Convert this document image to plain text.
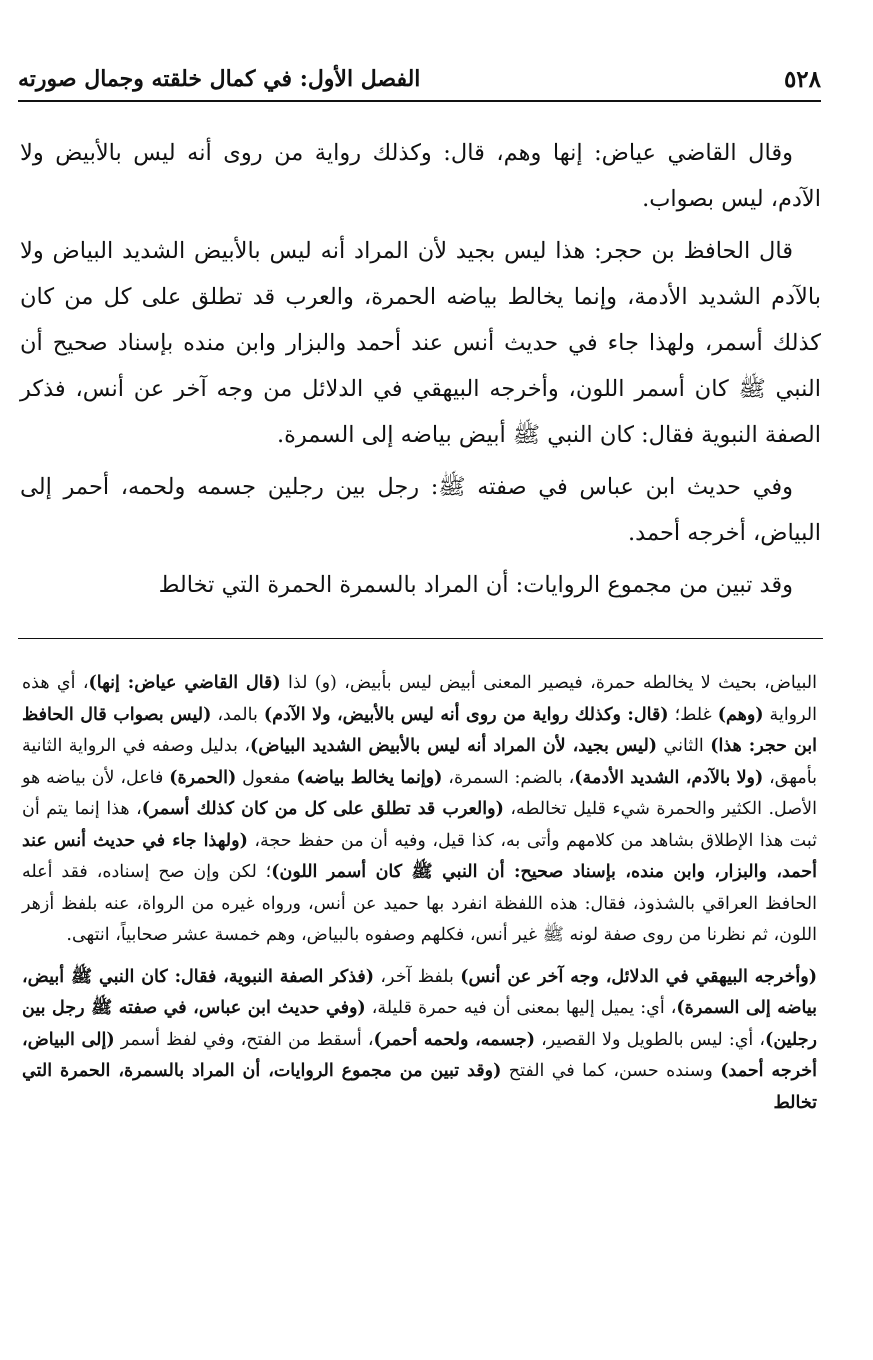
٥٢٨
الفصل الأول: في كمال خلقته وجمال صورته

وقال القاضي عياض: إنها وهم، قال: وكذلك رواية من روى أنه ليس بالأبيض ولا الآدم، ليس بصواب.

قال الحافظ بن حجر: هذا ليس بجيد لأن المراد أنه ليس بالأبيض الشديد البياض ولا بالآدم الشديد الأدمة، وإنما يخالط بياضه الحمرة، والعرب قد تطلق على كل من كان كذلك أسمر، ولهذا جاء في حديث أنس عند أحمد والبزار وابن منده بإسناد صحيح أن النبي ﷺ كان أسمر اللون، وأخرجه البيهقي في الدلائل من وجه آخر عن أنس، فذكر الصفة النبوية فقال: كان النبي ﷺ أبيض بياضه إلى السمرة.

وفي حديث ابن عباس في صفته ﷺ: رجل بين رجلين جسمه ولحمه، أحمر إلى البياض، أخرجه أحمد.

وقد تبين من مجموع الروايات: أن المراد بالسمرة الحمرة التي تخالط

البياض، بحيث لا يخالطه حمرة، فيصير المعنى أبيض ليس بأبيض، (و) لذا (قال القاضي عياض: إنها)، أي هذه الرواية (وهم) غلط؛ (قال: وكذلك رواية من روى أنه ليس بالأبيض، ولا الآدم) بالمد، (ليس بصواب قال الحافظ ابن حجر: هذا) الثاني (ليس بجيد، لأن المراد أنه ليس بالأبيض الشديد البياض)، بدليل وصفه في الرواية الثانية بأمهق، (ولا بالآدم، الشديد الأدمة)، بالضم: السمرة، (وإنما يخالط بياضه) مفعول (الحمرة) فاعل، لأن بياضه هو الأصل. الكثير والحمرة شيء قليل تخالطه، (والعرب قد تطلق على كل من كان كذلك أسمر)، هذا إنما يتم أن ثبت هذا الإطلاق بشاهد من كلامهم وأتى به، كذا قيل، وفيه أن من حفظ حجة، (ولهذا جاء في حديث أنس عند أحمد، والبزار، وابن منده، بإسناد صحيح: أن النبي ﷺ كان أسمر اللون)؛ لكن وإن صح إسناده، فقد أعله الحافظ العراقي بالشذوذ، فقال: هذه اللفظة انفرد بها حميد عن أنس، ورواه غيره من الرواة، عنه بلفظ أزهر اللون، ثم نظرنا من روى صفة لونه ﷺ غير أنس، فكلهم وصفوه بالبياض، وهم خمسة عشر صحابياً، انتهى.

(وأخرجه البيهقي في الدلائل، وجه آخر عن أنس) بلفظ آخر، (فذكر الصفة النبوية، فقال: كان النبي ﷺ أبيض، بياضه إلى السمرة)، أي: يميل إليها بمعنى أن فيه حمرة قليلة، (وفي حديث ابن عباس، في صفته ﷺ رجل بين رجلين)، أي: ليس بالطويل ولا القصير، (جسمه، ولحمه أحمر)، أسقط من الفتح، وفي لفظ أسمر (إلى البياض، أخرجه أحمد) وسنده حسن، كما في الفتح (وقد تبين من مجموع الروايات، أن المراد بالسمرة، الحمرة التي تخالط
